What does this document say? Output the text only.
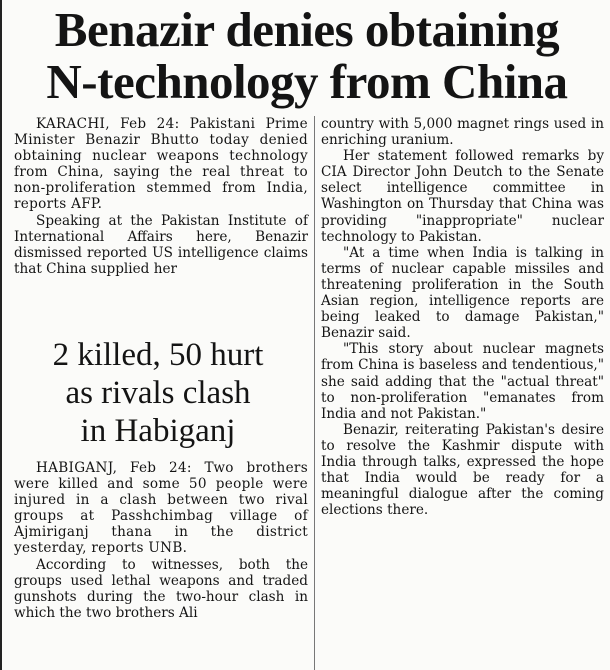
Benazir denies obtaining
N-technology from China

KARACHI, Feb 24: Pakistani Prime Minister Benazir Bhutto today denied obtaining nuclear weapons technology from China, saying the real threat to non-proliferation stemmed from India, reports AFP.

Speaking at the Pakistan Institute of International Affairs here, Benazir dismissed reported US intelligence claims that China supplied her

country with 5,000 magnet rings used in enriching uranium.

Her statement followed remarks by CIA Director John Deutch to the Senate select intelligence committee in Washington on Thursday that China was providing "inappropriate" nuclear technology to Pakistan.

"At a time when India is talking in terms of nuclear capable missiles and threatening proliferation in the South Asian region, intelligence reports are being leaked to damage Pakistan," Benazir said.

"This story about nuclear magnets from China is baseless and tendentious," she said adding that the "actual threat" to non-proliferation "emanates from India and not Pakistan."

Benazir, reiterating Pakistan's desire to resolve the Kashmir dispute with India through talks, expressed the hope that India would be ready for a meaningful dialogue after the coming elections there.

2 killed, 50 hurt
as rivals clash
in Habiganj

HABIGANJ, Feb 24: Two brothers were killed and some 50 people were injured in a clash between two rival groups at Passhchimbag village of Ajmiriganj thana in the district yesterday, reports UNB.

According to witnesses, both the groups used lethal weapons and traded gunshots during the two-hour clash in which the two brothers Ali
